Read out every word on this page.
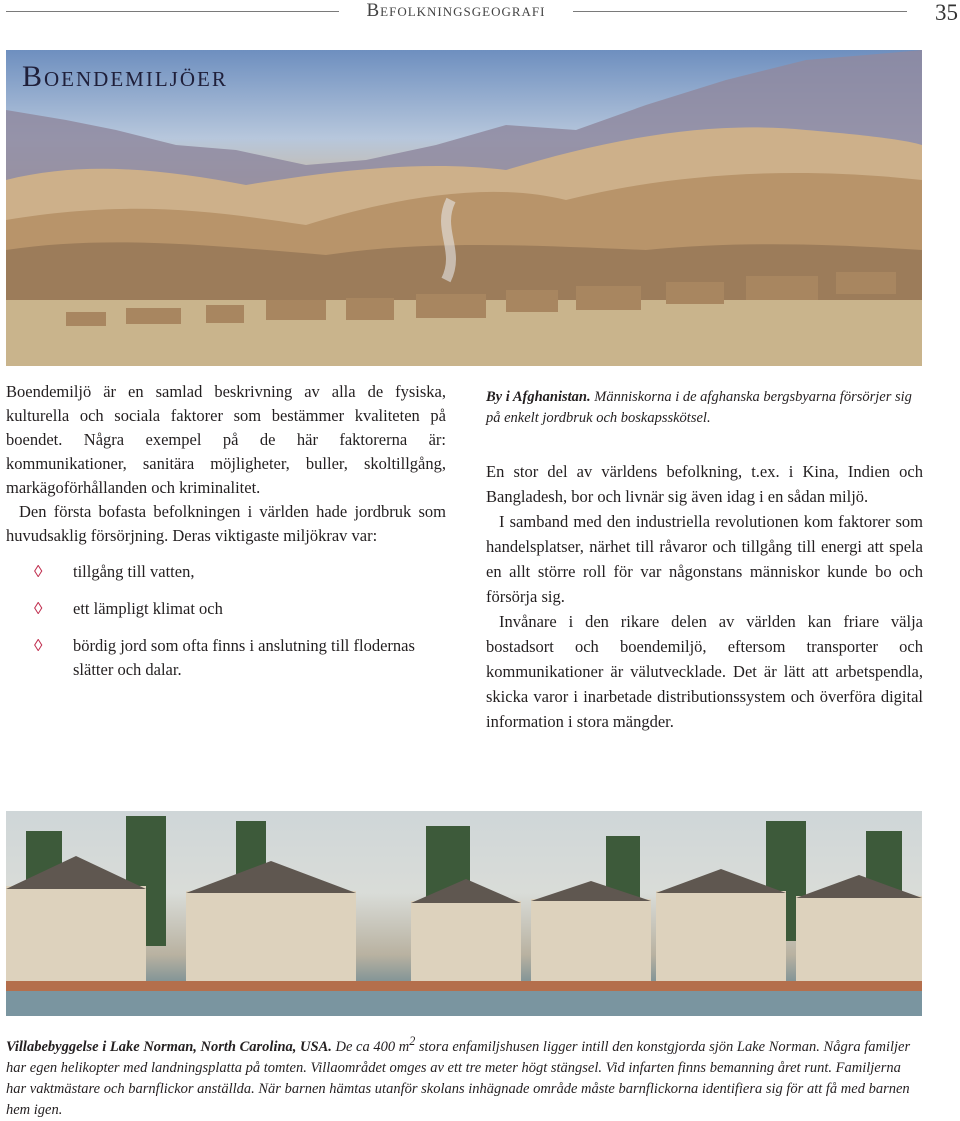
Befolkningsgeografi	35
Boendemiljöer

Boendemiljö är en samlad beskrivning av alla de fysiska, kulturella och sociala faktorer som bestämmer kvaliteten på boendet. Några exempel på de här faktorerna är: kommunikationer, sanitära möjligheter, buller, skoltillgång, markägoförhållanden och kriminalitet.

Den första bofasta befolkningen i världen hade jordbruk som huvudsaklig försörjning. Deras viktigaste miljökrav var:

◊ tillgång till vatten,
◊ ett lämpligt klimat och
◊ bördig jord som ofta finns i anslutning till flodernas slätter och dalar.

By i Afghanistan. Människorna i de afghanska bergsbyarna försörjer sig på enkelt jordbruk och boskapsskötsel.

En stor del av världens befolkning, t.ex. i Kina, Indien och Bangladesh, bor och livnär sig även idag i en sådan miljö.

I samband med den industriella revolutionen kom faktorer som handelsplatser, närhet till råvaror och tillgång till energi att spela en allt större roll för var någonstans människor kunde bo och försörja sig.

Invånare i den rikare delen av världen kan friare välja bostadsort och boendemiljö, eftersom transporter och kommunikationer är välutvecklade. Det är lätt att arbetspendla, skicka varor i inarbetade distributionssystem och överföra digital information i stora mängder.

Villabebyggelse i Lake Norman, North Carolina, USA. De ca 400 $m^2$ stora enfamiljshusen ligger intill den konstgjorda sjön Lake Norman. Några familjer har egen helikopter med landningsplatta på tomten. Villaområdet omges av ett tre meter högt stängsel. Vid infarten finns bemanning året runt. Familjerna har vaktmästare och barnflickor anställda. När barnen hämtas utanför skolans inhägnade område måste barnflickorna identifiera sig för att få med barnen hem igen.
